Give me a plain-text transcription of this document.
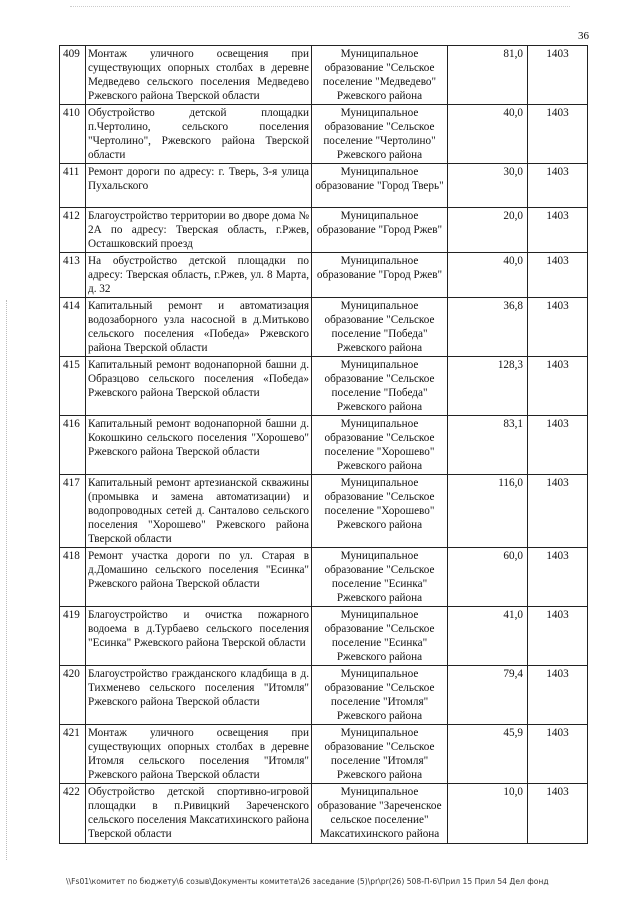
36
409	Монтаж уличного освещения при существующих опорных столбах в деревне Медведево сельского поселения Медведево Ржевского района Тверской области	Муниципальное образование "Сельское поселение "Медведево" Ржевского района	81,0	1403
410	Обустройство детской площадки п.Чертолино, сельского поселения "Чертолино", Ржевского района Тверской области	Муниципальное образование "Сельское поселение "Чертолино" Ржевского района	40,0	1403
411	Ремонт дороги по адресу: г. Тверь, 3-я улица Пухальского	Муниципальное образование "Город Тверь"	30,0	1403
412	Благоустройство территории во дворе дома № 2А по адресу: Тверская область, г.Ржев, Осташковский проезд	Муниципальное образование "Город Ржев"	20,0	1403
413	На обустройство детской площадки по адресу: Тверская область, г.Ржев, ул. 8 Марта, д. 32	Муниципальное образование "Город Ржев"	40,0	1403
414	Капитальный ремонт и автоматизация водозаборного узла насосной в д.Митьково сельского поселения «Победа» Ржевского района Тверской области	Муниципальное образование "Сельское поселение "Победа" Ржевского района	36,8	1403
415	Капитальный ремонт водонапорной башни д. Образцово сельского поселения «Победа» Ржевского района Тверской области	Муниципальное образование "Сельское поселение "Победа" Ржевского района	128,3	1403
416	Капитальный ремонт водонапорной башни д. Кокошкино сельского поселения "Хорошево" Ржевского района Тверской области	Муниципальное образование "Сельское поселение "Хорошево" Ржевского района	83,1	1403
417	Капитальный ремонт артезианской скважины (промывка и замена автоматизации) и водопроводных сетей д. Санталово сельского поселения "Хорошево" Ржевского района Тверской области	Муниципальное образование "Сельское поселение "Хорошево" Ржевского района	116,0	1403
418	Ремонт участка дороги по ул. Старая в д.Домашино сельского поселения "Есинка" Ржевского района Тверской области	Муниципальное образование "Сельское поселение "Есинка" Ржевского района	60,0	1403
419	Благоустройство и очистка пожарного водоема в д.Турбаево сельского поселения "Есинка" Ржевского района Тверской области	Муниципальное образование "Сельское поселение "Есинка" Ржевского района	41,0	1403
420	Благоустройство гражданского кладбища в д. Тихменево сельского поселения "Итомля" Ржевского района Тверской области	Муниципальное образование "Сельское поселение "Итомля" Ржевского района	79,4	1403
421	Монтаж уличного освещения при существующих опорных столбах в деревне Итомля сельского поселения "Итомля" Ржевского района Тверской области	Муниципальное образование "Сельское поселение "Итомля" Ржевского района	45,9	1403
422	Обустройство детской спортивно-игровой площадки в п.Ривицкий Зареченского сельского поселения Максатихинского района Тверской области	Муниципальное образование "Зареченское сельское поселение" Максатихинского района	10,0	1403
\\Fs01\комитет по бюджету\6 созыв\Документы комитета\26 заседание (5)\pr\pr(26) 508-П-6\Прил 15 Прил 54 Дел фонд
